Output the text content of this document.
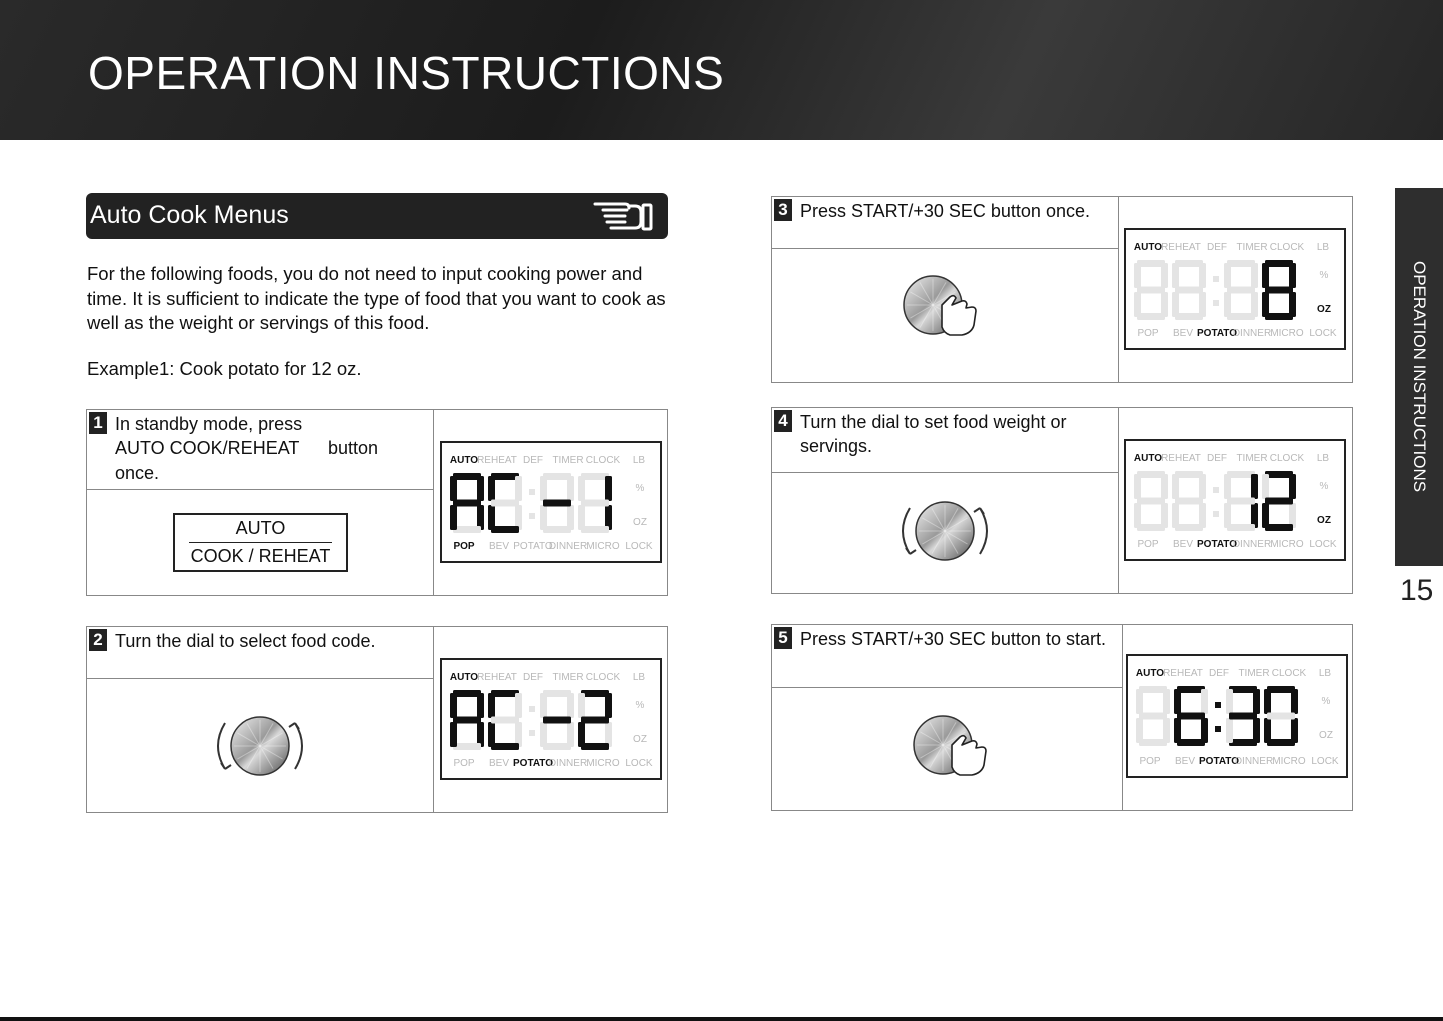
OPERATION INSTRUCTIONS
OPERATION INSTRUCTIONS
15
Auto Cook Menus
For the following foods, you do not need to input cooking power and time. It is sufficient to indicate the type of food that you want to cook as well as the weight or servings of this food.
Example1: Cook potato for 12 oz.
1 In standby mode, press
AUTO COOK/REHEAT button
once.
AUTO
COOK / REHEAT
AUTO REHEAT DEF TIMER CLOCK LB
%
OZ
POP BEV POTATO
DINNER MICRO LOCK
2 Turn the dial to select food code.
AUTO REHEAT DEF TIMER CLOCK LB
%
OZ
POP BEV POTATO
DINNER MICRO LOCK
3 Press START/+30 SEC button once.
AUTO REHEAT DEF TIMER CLOCK LB
%
OZ
POP BEV POTATO
DINNER MICRO LOCK
4 Turn the dial to set food weight or
servings.
AUTO REHEAT DEF TIMER CLOCK LB
%
OZ
POP BEV POTATO
DINNER MICRO LOCK
5 Press START/+30 SEC button to start.
AUTO REHEAT DEF TIMER CLOCK LB
%
OZ
POP BEV POTATO
DINNER MICRO LOCK
